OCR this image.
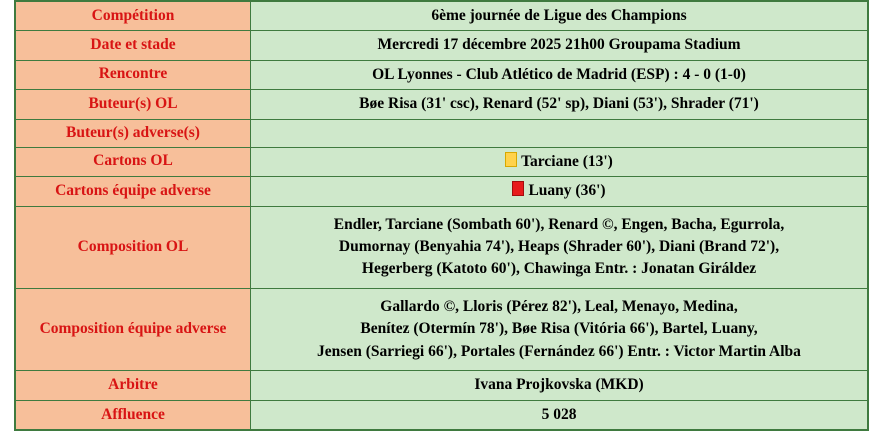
Compétition	6ème journée de Ligue des Champions

Date et stade	Mercredi 17 décembre 2025 21h00 Groupama Stadium

Rencontre	OL Lyonnes - Club Atlético de Madrid (ESP) : 4 - 0 (1-0)

Buteur(s) OL	Bøe Risa (31' csc), Renard (52' sp), Diani (53'), Shrader (71')

Buteur(s) adverse(s)	

Cartons OL	Tarciane (13')
Cartons équipe adverse	Luany (36')
Composition OL	Endler, Tarciane (Sombath 60'), Renard ©, Engen, Bacha, Egurrola,
Dumornay (Benyahia 74'), Heaps (Shrader 60'), Diani (Brand 72'),
Hegerberg (Katoto 60'), Chawinga Entr. : Jonatan Giráldez

Composition équipe adverse	Gallardo ©, Lloris (Pérez 82'), Leal, Menayo, Medina,
Benítez (Otermín 78'), Bøe Risa (Vitória 66'), Bartel, Luany,
Jensen (Sarriegi 66'), Portales (Fernández 66') Entr. : Victor Martin Alba

Arbitre	Ivana Projkovska (MKD)

Affluence	5 028
